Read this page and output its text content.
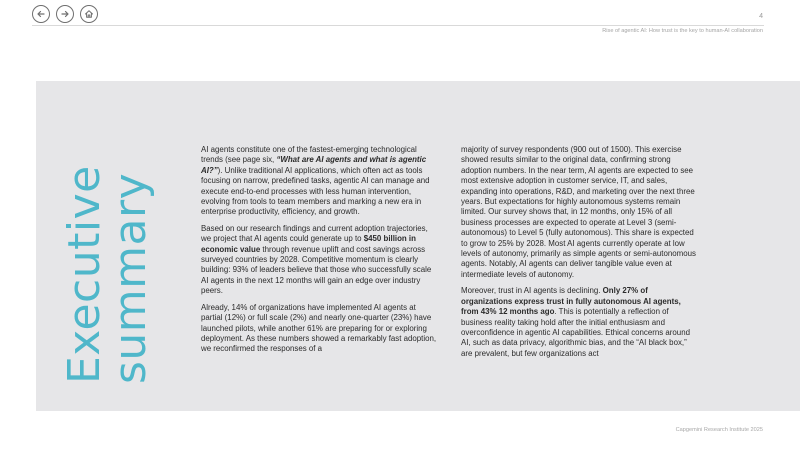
4
Rise of agentic AI: How trust is the key to human-AI collaboration
Executive
summary

AI agents constitute one of the fastest-emerging technological trends (see page six, “What are AI agents and what is agentic AI?”). Unlike traditional AI applications, which often act as tools focusing on narrow, predefined tasks, agentic AI can manage and execute end-to-end processes with less human intervention, evolving from tools to team members and marking a new era in enterprise productivity, efficiency, and growth.

Based on our research findings and current adoption trajectories, we project that AI agents could generate up to $450 billion in economic value through revenue uplift and cost savings across surveyed countries by 2028. Competitive momentum is clearly building: 93% of leaders believe that those who successfully scale AI agents in the next 12 months will gain an edge over industry peers.

Already, 14% of organizations have implemented AI agents at partial (12%) or full scale (2%) and nearly one-quarter (23%) have launched pilots, while another 61% are preparing for or exploring deployment. As these numbers showed a remarkably fast adoption, we reconfirmed the responses of a

majority of survey respondents (900 out of 1500). This exercise showed results similar to the original data, confirming strong adoption numbers. In the near term, AI agents are expected to see most extensive adoption in customer service, IT, and sales, expanding into operations, R&D, and marketing over the next three years. But expectations for highly autonomous systems remain limited. Our survey shows that, in 12 months, only 15% of all business processes are expected to operate at Level 3 (semi-autonomous) to Level 5 (fully autonomous). This share is expected to grow to 25% by 2028. Most AI agents currently operate at low levels of autonomy, primarily as simple agents or semi-autonomous agents. Notably, AI agents can deliver tangible value even at intermediate levels of autonomy.

Moreover, trust in AI agents is declining. Only 27% of organizations express trust in fully autonomous AI agents, from 43% 12 months ago. This is potentially a reflection of business reality taking hold after the initial enthusiasm and overconfidence in agentic AI capabilities. Ethical concerns around AI, such as data privacy, algorithmic bias, and the “AI black box,” are prevalent, but few organizations act

Capgemini Research Institute 2025
